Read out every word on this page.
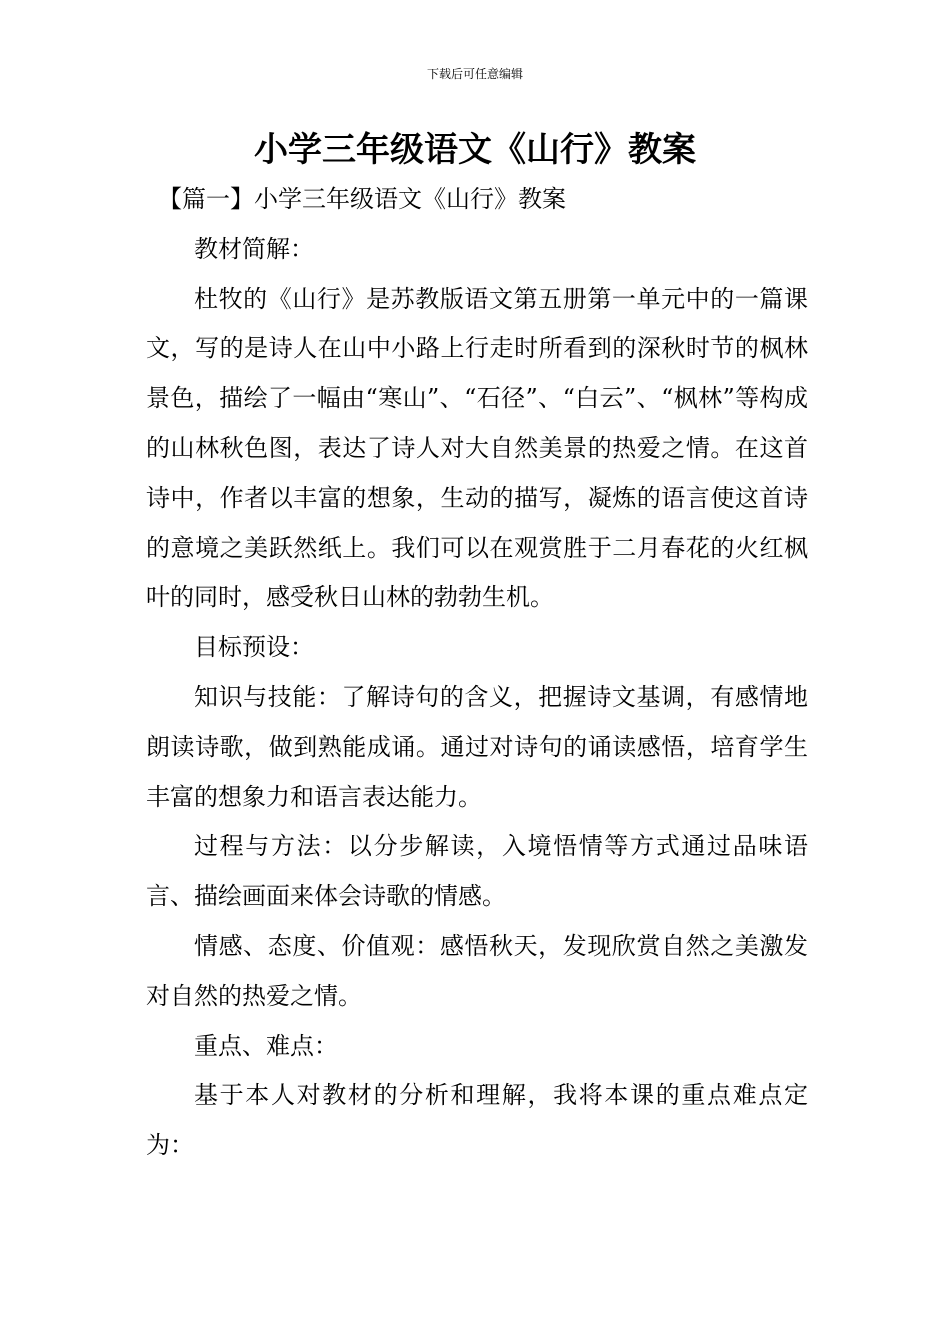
下载后可任意编辑
小学三年级语文《山行》教案

【篇一】小学三年级语文《山行》教案

教材简解：

杜牧的《山行》是苏教版语文第五册第一单元中的一篇课文，写的是诗人在山中小路上行走时所看到的深秋时节的枫林景色，描绘了一幅由“寒山”、“石径”、“白云”、“枫林”等构成的山林秋色图，表达了诗人对大自然美景的热爱之情。在这首诗中，作者以丰富的想象，生动的描写，凝炼的语言使这首诗的意境之美跃然纸上。我们可以在观赏胜于二月春花的火红枫叶的同时，感受秋日山林的勃勃生机。

目标预设：

知识与技能：了解诗句的含义，把握诗文基调，有感情地朗读诗歌，做到熟能成诵。通过对诗句的诵读感悟，培育学生丰富的想象力和语言表达能力。

过程与方法：以分步解读，入境悟情等方式通过品味语言、描绘画面来体会诗歌的情感。

情感、态度、价值观：感悟秋天，发现欣赏自然之美激发对自然的热爱之情。

重点、难点：

基于本人对教材的分析和理解，我将本课的重点难点定为：
